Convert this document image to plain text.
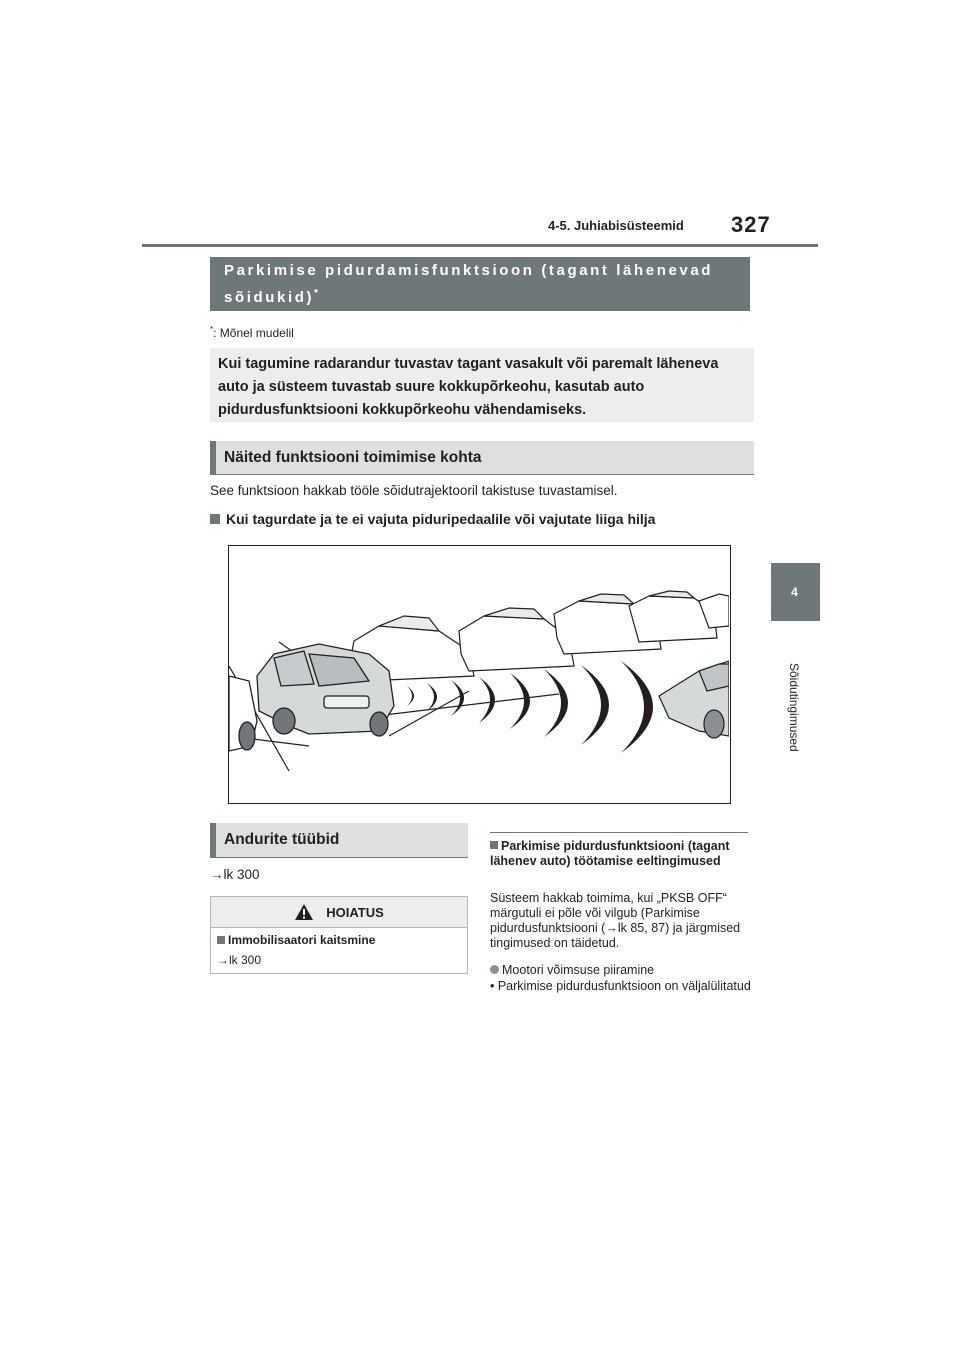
4-5. Juhiabisüsteemid 327
4
Sõidutingimused
Parkimise pidurdamisfunktsioon (tagant lähenevad
sõidukid)*
*: Mõnel mudelil
Kui tagumine radarandur tuvastav tagant vasakult või paremalt läheneva auto ja süsteem tuvastab suure kokkupõrkeohu, kasutab auto pidurdusfunktsiooni kokkupõrkeohu vähendamiseks.
Näited funktsiooni toimimise kohta
See funktsioon hakkab tööle sõidutrajektooril takistuse tuvastamisel.
Kui tagurdate ja te ei vajuta piduripedaalile või vajutate liiga hilja
Andurite tüübid
→lk 300
HOIATUS
Immobilisaatori kaitsmine
→lk 300
Parkimise pidurdusfunktsiooni (tagant lähenev auto) töötamise eeltingimused
Süsteem hakkab toimima, kui „PKSB OFF“ märgutuli ei põle või vilgub (Parkimise pidurdusfunktsiooni (→lk 85, 87) ja järgmised tingimused on täidetud.
Mootori võimsuse piiramine
• Parkimise pidurdusfunktsioon on väljalülitatud
